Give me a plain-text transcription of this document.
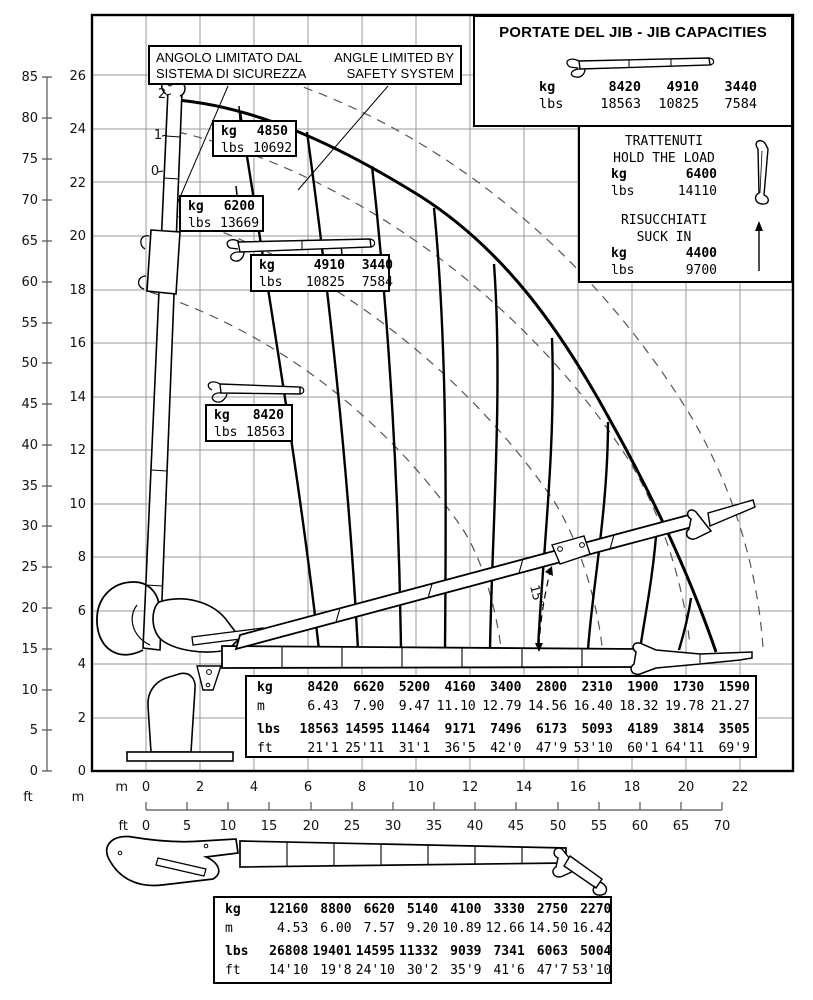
15°
2
1
0
85
80
75
70
65
60
55
50
45
40
35
30
25
20
15
10
5
0
ft
26
24
22
20
18
16
14
12
10
8
6
4
2
0
m
m 0	2	4	6	8	10	12	14	16	18	20	22
ft 0	5 10 15 20 25 30 35 40 45 50 55 60 65 70
ANGOLO LIMITATO DAL ANGLE LIMITED BY
SISTEMA DI SICUREZZA	SAFETY SYSTEM
PORTATE DEL JIB - JIB CAPACITIES
kg	8420	4910	3440
lbs	18563	10825	7584
TRATTENUTI
HOLD THE LOAD
kg	6400
lbs	14110
RISUCCHIATI
SUCK IN
kg	4400
lbs	9700
kg	4850
lbs 10692
kg	6200
lbs 13669
kg	4910	3440
lbs	10825	7584
kg	8420
lbs 18563
kg	8420	6620	5200	4160	3400	2800	2310	1900	1730	1590
m	6.43	7.90	9.47 11.10 12.79 14.56 16.40 18.32 19.78 21.27
lbs	18563 14595 11464	9171	7496	6173	5093	4189	3814	3505
ft	21'1 25'11	31'1	36'5	42'0	47'9 53'10	60'1 64'11	69'9
kg	12160 8800 6620 5140 4100 3330 2750 2270
m	4.53 6.00 7.57 9.20 10.89 12.66 14.50 16.42
lbs	26808 19401 14595 11332 9039 7341 6063 5004
ft	14'10 19'8 24'10 30'2 35'9 41'6 47'7 53'10
